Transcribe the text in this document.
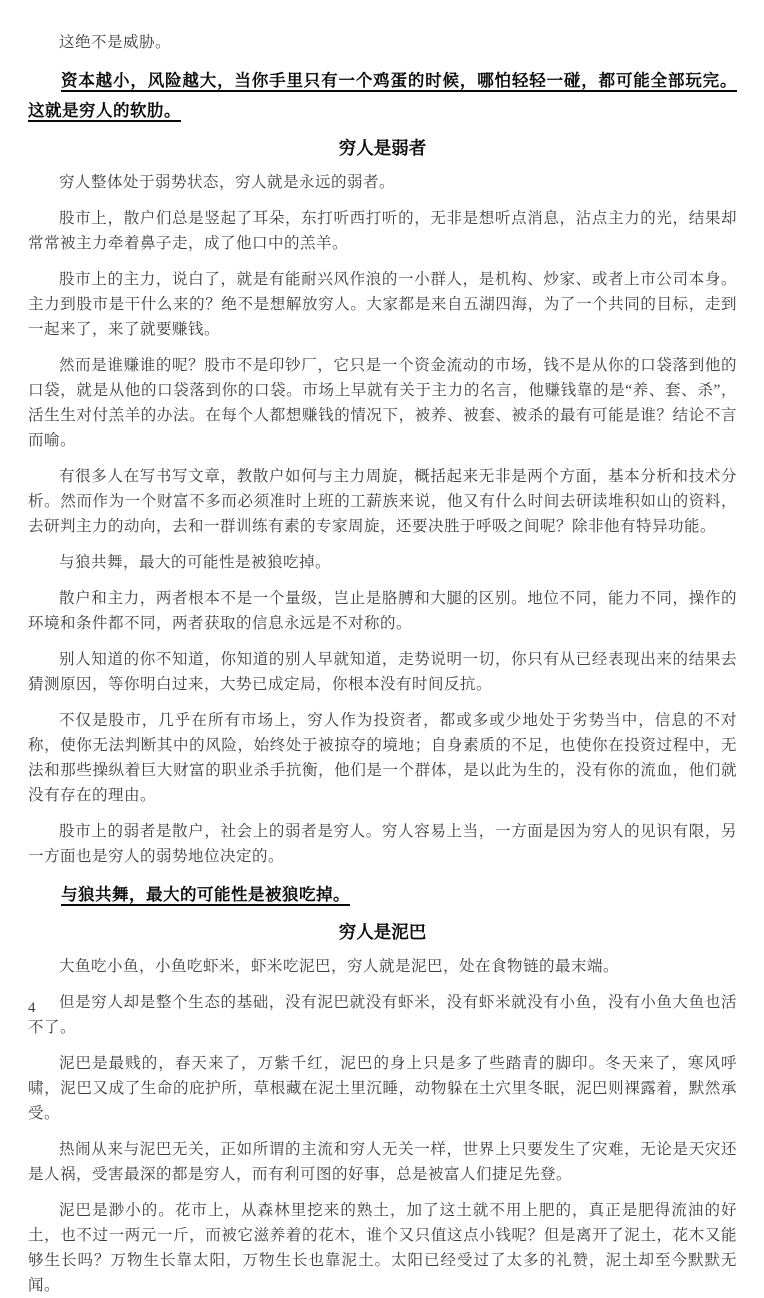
这绝不是威胁。

资本越小，风险越大，当你手里只有一个鸡蛋的时候，哪怕轻轻一碰，都可能全部玩完。这就是穷人的软肋。

穷人是弱者

穷人整体处于弱势状态，穷人就是永远的弱者。

股市上，散户们总是竖起了耳朵，东打听西打听的，无非是想听点消息，沾点主力的光，结果却常常被主力牵着鼻子走，成了他口中的羔羊。

股市上的主力，说白了，就是有能耐兴风作浪的一小群人，是机构、炒家、或者上市公司本身。主力到股市是干什么来的？绝不是想解放穷人。大家都是来自五湖四海，为了一个共同的目标，走到一起来了，来了就要赚钱。

然而是谁赚谁的呢？股市不是印钞厂，它只是一个资金流动的市场，钱不是从你的口袋落到他的口袋，就是从他的口袋落到你的口袋。市场上早就有关于主力的名言，他赚钱靠的是“养、套、杀”，活生生对付羔羊的办法。在每个人都想赚钱的情况下，被养、被套、被杀的最有可能是谁？结论不言而喻。

有很多人在写书写文章，教散户如何与主力周旋，概括起来无非是两个方面，基本分析和技术分析。然而作为一个财富不多而必须准时上班的工薪族来说，他又有什么时间去研读堆积如山的资料，去研判主力的动向，去和一群训练有素的专家周旋，还要决胜于呼吸之间呢？除非他有特异功能。

与狼共舞，最大的可能性是被狼吃掉。

散户和主力，两者根本不是一个量级，岂止是胳膊和大腿的区别。地位不同，能力不同，操作的环境和条件都不同，两者获取的信息永远是不对称的。

别人知道的你不知道，你知道的别人早就知道，走势说明一切，你只有从已经表现出来的结果去猜测原因，等你明白过来，大势已成定局，你根本没有时间反抗。

不仅是股市，几乎在所有市场上，穷人作为投资者，都或多或少地处于劣势当中，信息的不对称，使你无法判断其中的风险，始终处于被掠夺的境地；自身素质的不足，也使你在投资过程中，无法和那些操纵着巨大财富的职业杀手抗衡，他们是一个群体，是以此为生的，没有你的流血，他们就没有存在的理由。

股市上的弱者是散户，社会上的弱者是穷人。穷人容易上当，一方面是因为穷人的见识有限，另一方面也是穷人的弱势地位决定的。

与狼共舞，最大的可能性是被狼吃掉。

穷人是泥巴

大鱼吃小鱼，小鱼吃虾米，虾米吃泥巴，穷人就是泥巴，处在食物链的最末端。

但是穷人却是整个生态的基础，没有泥巴就没有虾米，没有虾米就没有小鱼，没有小鱼大鱼也活不了。

泥巴是最贱的，春天来了，万紫千红，泥巴的身上只是多了些踏青的脚印。冬天来了，寒风呼啸，泥巴又成了生命的庇护所，草根藏在泥土里沉睡，动物躲在土穴里冬眠，泥巴则裸露着，默然承受。

热闹从来与泥巴无关，正如所谓的主流和穷人无关一样，世界上只要发生了灾难，无论是天灾还是人祸，受害最深的都是穷人，而有利可图的好事，总是被富人们捷足先登。

泥巴是渺小的。花市上，从森林里挖来的熟土，加了这土就不用上肥的，真正是肥得流油的好土，也不过一两元一斤，而被它滋养着的花木，谁个又只值这点小钱呢？但是离开了泥土，花木又能够生长吗？万物生长靠太阳，万物生长也靠泥土。太阳已经受过了太多的礼赞，泥土却至今默默无闻。

4
